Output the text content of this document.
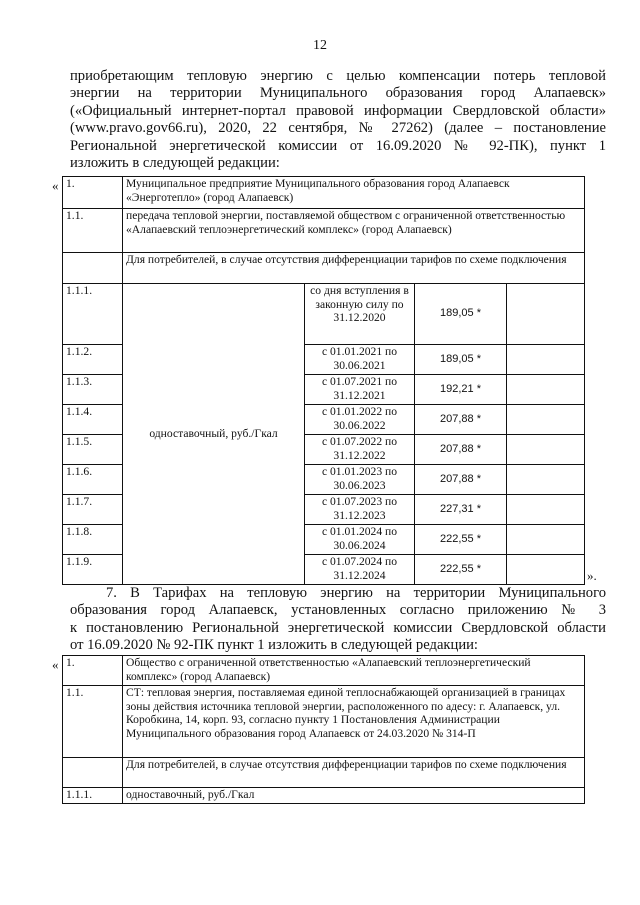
12
приобретающим тепловую энергию с целью компенсации потерь тепловой
энергии на территории Муниципального образования город Алапаевск»
(«Официальный интернет-портал правовой информации Свердловской области»
(www.pravo.gov66.ru), 2020, 22 сентября, № 27262) (далее – постановление
Региональной энергетической комиссии от 16.09.2020 № 92-ПК), пункт 1
изложить в следующей редакции:
« 1.	Муниципальное предприятие Муниципального образования город Алапаевск «Энерготепло» (город Алапаевск)			
1.1.	передача тепловой энергии, поставляемой обществом с ограниченной ответственностью «Алапаевский теплоэнергетический комплекс» (город Алапаевск)			
	Для потребителей, в случае отсутствия дифференциации тарифов по схеме подключения			
1.1.1.	одноставочный, руб./Гкал	со дня вступления в законную силу по 31.12.2020	189,05 *	
1.1.2.		с 01.01.2021 по 30.06.2021	189,05 *	
1.1.3.		с 01.07.2021 по 31.12.2021	192,21 *	
1.1.4.		с 01.01.2022 по 30.06.2022	207,88 *	
1.1.5.		с 01.07.2022 по 31.12.2022	207,88 *	
1.1.6.		с 01.01.2023 по 30.06.2023	207,88 *	
1.1.7.		с 01.07.2023 по 31.12.2023	227,31 *	
1.1.8.		с 01.01.2024 по 30.06.2024	222,55 *	
1.1.9.		с 01.07.2024 по 31.12.2024	222,55 *		».
7. В Тарифах на тепловую энергию на территории Муниципального
образования город Алапаевск, установленных согласно приложению № 3
к постановлению Региональной энергетической комиссии Свердловской области
от 16.09.2020 № 92-ПК пункт 1 изложить в следующей редакции:
« 1.	Общество с ограниченной ответственностью «Алапаевский теплоэнергетический комплекс» (город Алапаевск)
1.1.	СТ: тепловая энергия, поставляемая единой теплоснабжающей организацией в границах зоны действия источника тепловой энергии, расположенного по адесу: г. Алапаевск, ул. Коробкина, 14, корп. 93, согласно пункту 1 Постановления Администрации Муниципального образования город Алапаевск от 24.03.2020 № 314-П
	Для потребителей, в случае отсутствия дифференциации тарифов по схеме подключения
1.1.1.	одноставочный, руб./Гкал
